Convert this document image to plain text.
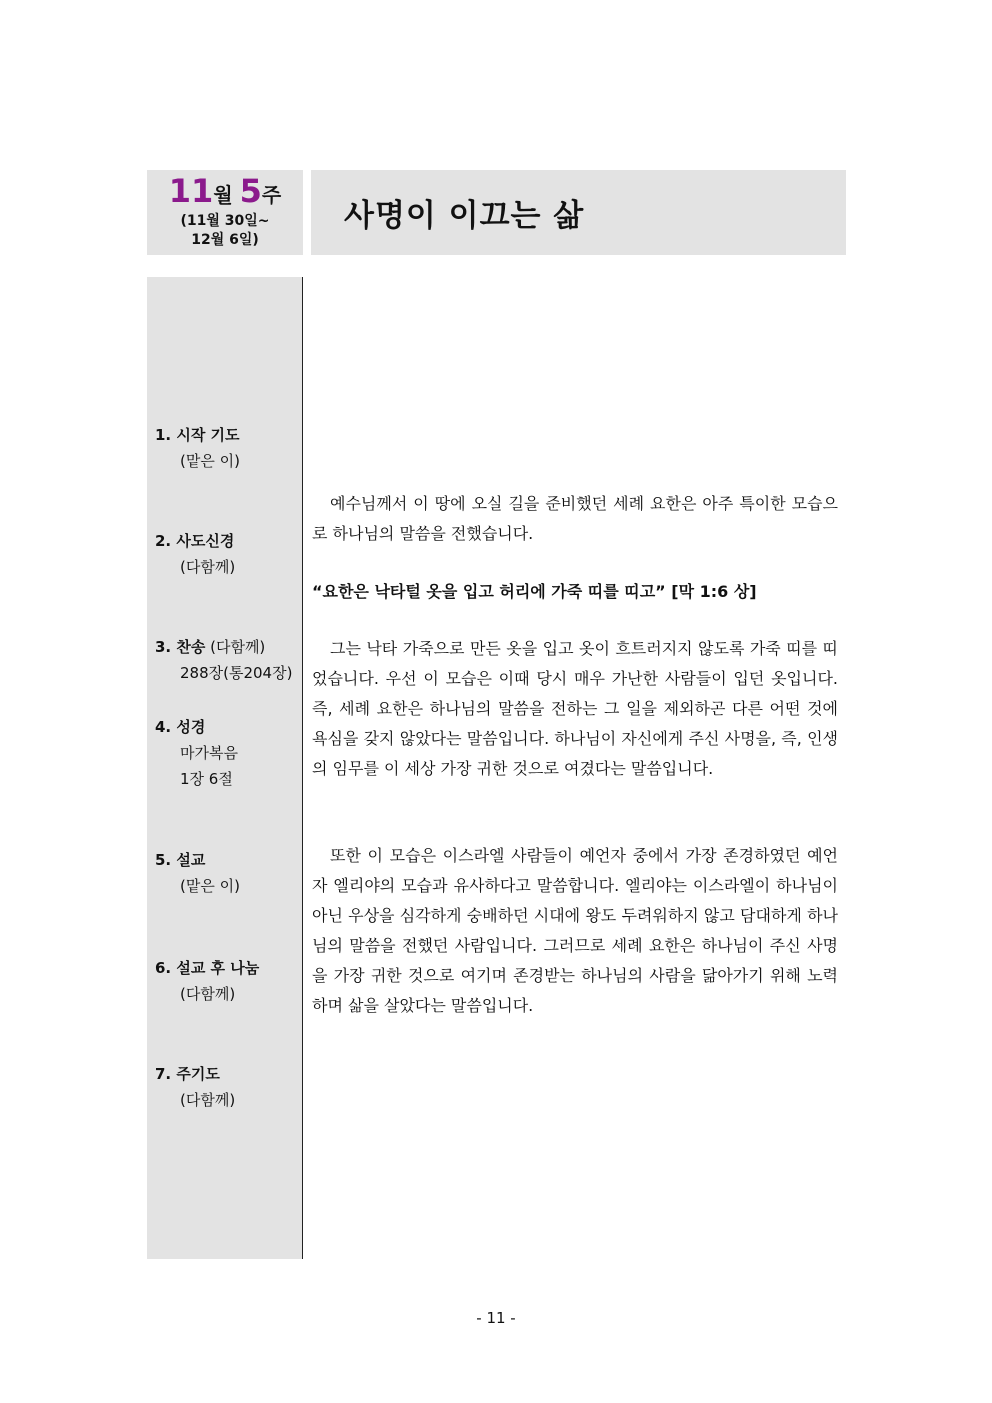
11월 5주
(11월 30일~
12월 6일)
사명이 이끄는 삶
1. 시작 기도
(맡은 이)
2. 사도신경
(다함께)
3. 찬송 (다함께)
288장(통204장)
4. 성경
마가복음
1장 6절
5. 설교
(맡은 이)
6. 설교 후 나눔
(다함께)
7. 주기도
(다함께)

예수님께서 이 땅에 오실 길을 준비했던 세례 요한은 아주 특이한 모습으로 하나님의 말씀을 전했습니다.

“요한은 낙타털 옷을 입고 허리에 가죽 띠를 띠고” [막 1:6 상]

그는 낙타 가죽으로 만든 옷을 입고 옷이 흐트러지지 않도록 가죽 띠를 띠었습니다. 우선 이 모습은 이때 당시 매우 가난한 사람들이 입던 옷입니다. 즉, 세례 요한은 하나님의 말씀을 전하는 그 일을 제외하곤 다른 어떤 것에 욕심을 갖지 않았다는 말씀입니다. 하나님이 자신에게 주신 사명을, 즉, 인생의 임무를 이 세상 가장 귀한 것으로 여겼다는 말씀입니다.

또한 이 모습은 이스라엘 사람들이 예언자 중에서 가장 존경하였던 예언자 엘리야의 모습과 유사하다고 말씀합니다. 엘리야는 이스라엘이 하나님이 아닌 우상을 심각하게 숭배하던 시대에 왕도 두려워하지 않고 담대하게 하나님의 말씀을 전했던 사람입니다. 그러므로 세례 요한은 하나님이 주신 사명을 가장 귀한 것으로 여기며 존경받는 하나님의 사람을 닮아가기 위해 노력하며 삶을 살았다는 말씀입니다.

- 11 -
